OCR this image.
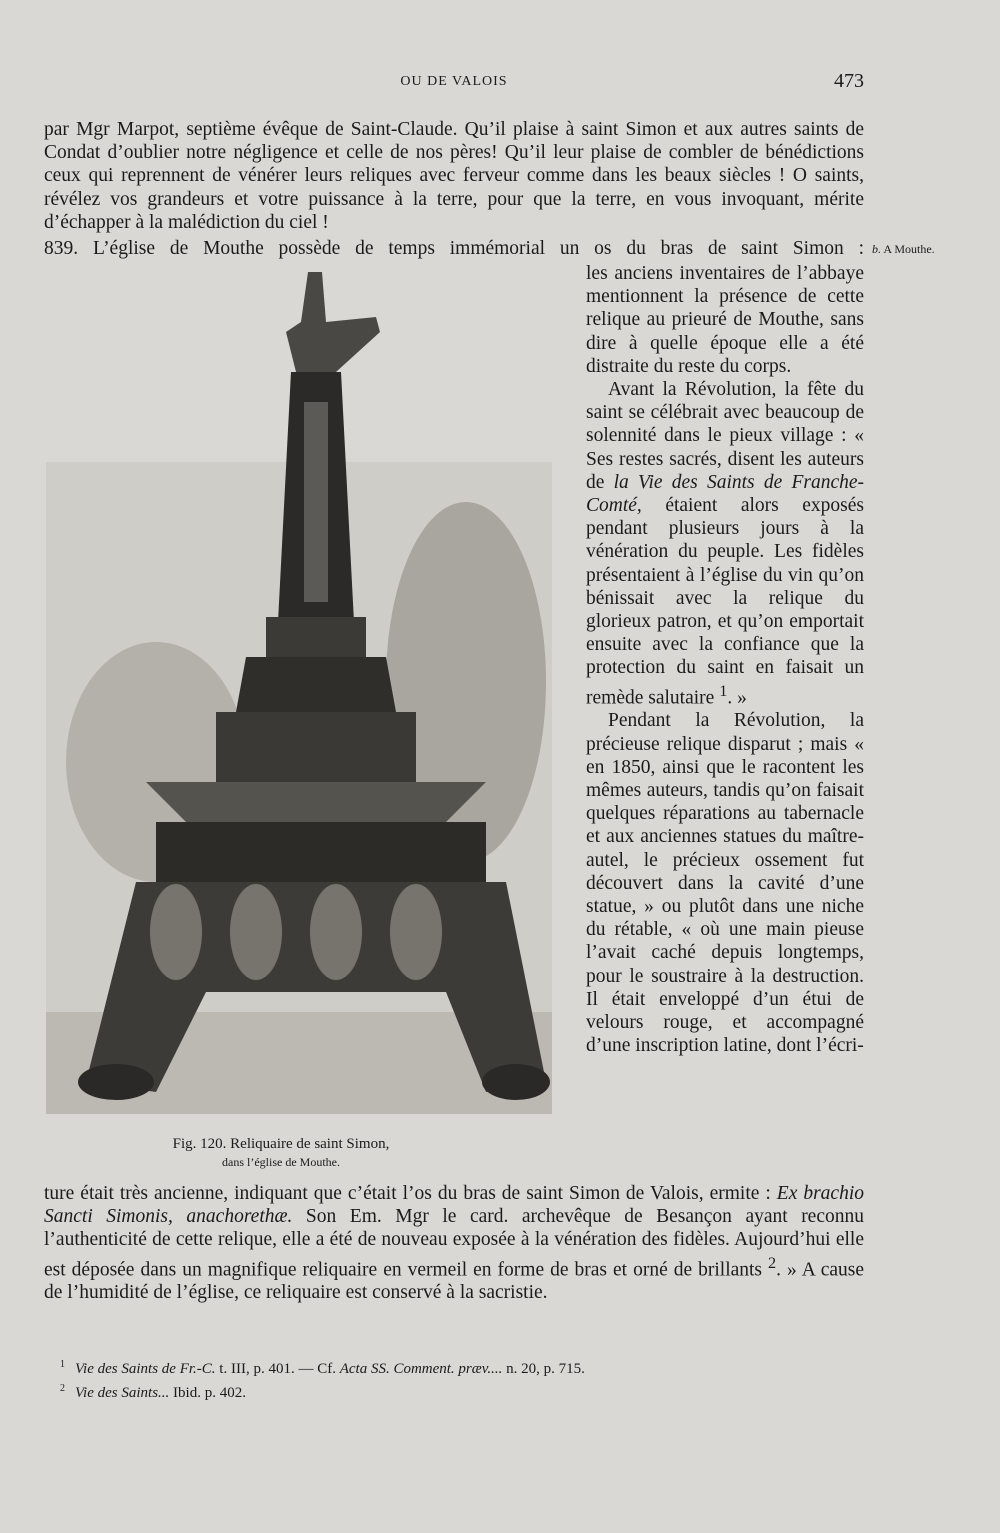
OU DE VALOIS	473

par Mgr Marpot, septième évêque de Saint-Claude. Qu’il plaise à saint Simon et aux autres saints de Condat d’oublier notre négligence et celle de nos pères! Qu’il leur plaise de combler de bénédictions ceux qui reprennent de vénérer leurs reliques avec ferveur comme dans les beaux siècles ! O saints, révélez vos grandeurs et votre puissance à la terre, pour que la terre, en vous invoquant, mérite d’échapper à la malédiction du ciel !

839. L’église de Mouthe possède de temps immémorial un os du bras de saint Simon : b. A Mouthe.
Fig. 120. Reliquaire de saint Simon,
dans l’église de Mouthe.

les anciens inventaires de l’abbaye mentionnent la présence de cette relique au prieuré de Mouthe, sans dire à quelle époque elle a été distraite du reste du corps.

Avant la Révolution, la fête du saint se célébrait avec beaucoup de solennité dans le pieux village : « Ses restes sacrés, disent les auteurs de la Vie des Saints de Franche-Comté, étaient alors exposés pendant plusieurs jours à la vénération du peuple. Les fidèles présentaient à l’église du vin qu’on bénissait avec la relique du glorieux patron, et qu’on emportait ensuite avec la confiance que la protection du saint en faisait un remède salutaire $^1$. »

Pendant la Révolution, la précieuse relique disparut ; mais « en 1850, ainsi que le racontent les mêmes auteurs, tandis qu’on faisait quelques réparations au tabernacle et aux anciennes statues du maître-autel, le précieux ossement fut découvert dans la cavité d’une statue, » ou plutôt dans une niche du rétable, « où une main pieuse l’avait caché depuis longtemps, pour le soustraire à la destruction. Il était enveloppé d’un étui de velours rouge, et accompagné d’une inscription latine, dont l’écri-

ture était très ancienne, indiquant que c’était l’os du bras de saint Simon de Valois, ermite : Ex brachio Sancti Simonis, anachorethæ. Son Em. Mgr le card. archevêque de Besançon ayant reconnu l’authenticité de cette relique, elle a été de nouveau exposée à la vénération des fidèles. Aujourd’hui elle est déposée dans un magnifique reliquaire en vermeil en forme de bras et orné de brillants $^2$. » A cause de l’humidité de l’église, ce reliquaire est conservé à la sacristie.

$^1$ Vie des Saints de Fr.-C. t. III, p. 401. — Cf. Acta SS. Comment. præv.... n. 20, p. 715.
$^2$ Vie des Saints... Ibid. p. 402.
